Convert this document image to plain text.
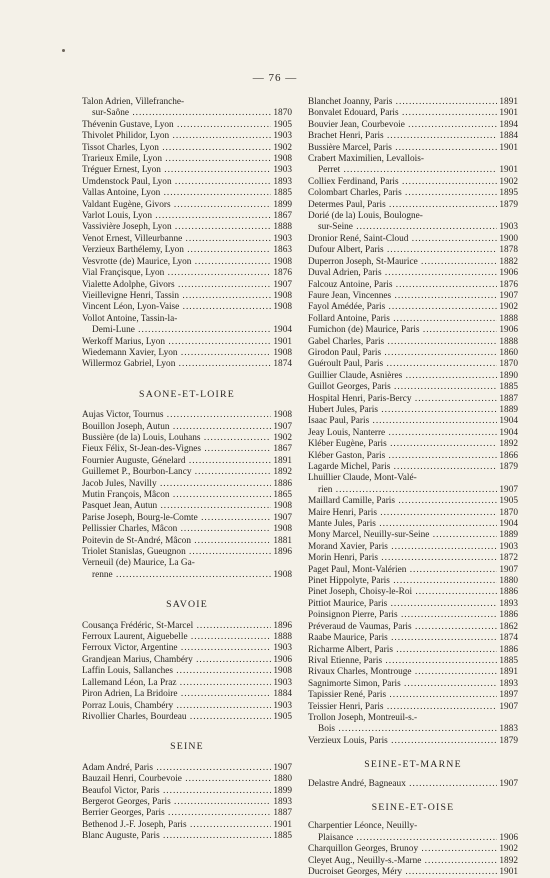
— 76 —
Talon Adrien, Villefranche-
sur-Saône .....	1870
Thévenin Gustave, Lyon .....	1905
Thivolet Philidor, Lyon .....	1903
Tissot Charles, Lyon .....	1902
Trarieux Emile, Lyon .....	1908
Tréguer Ernest, Lyon .....	1903
Umdenstock Paul, Lyon .....	1893
Vallas Antoine, Lyon .....	1885
Valdant Eugène, Givors .....	1899
Varlot Louis, Lyon .....	1867
Vassivière Joseph, Lyon .....	1888
Venot Ernest, Villeurbanne .....	1903
Verzieux Barthélemy, Lyon .....	1863
Vesvrotte (de) Maurice, Lyon .....	1908
Vial Françisque, Lyon .....	1876
Vialette Adolphe, Givors .....	1907
Vieillevigne Henri, Tassin .....	1908
Vincent Léon, Lyon-Vaise .....	1908
Vollot Antoine, Tassin-la-
Demi-Lune .....	1904
Werkoff Marius, Lyon .....	1901
Wiedemann Xavier, Lyon .....	1908
Willermoz Gabriel, Lyon .....	1874
SAONE-ET-LOIRE
Aujas Victor, Tournus .....	1908
Bouillon Joseph, Autun .....	1907
Bussière (de la) Louis, Louhans .....	1902
Fieux Félix, St-Jean-des-Vignes .....	1867
Fournier Auguste, Génelard .....	1891
Guillemet P., Bourbon-Lancy .....	1892
Jacob Jules, Navilly .....	1886
Mutin François, Mâcon .....	1865
Pasquet Jean, Autun .....	1908
Parise Joseph, Bourg-le-Comte .....	1907
Pellissier Charles, Mâcon .....	1908
Poitevin de St-André, Mâcon .....	1881
Triolet Stanislas, Gueugnon .....	1896
Verneuil (de) Maurice, La Ga-
renne .....	1908
SAVOIE
Cousança Frédéric, St-Marcel .....	1896
Ferroux Laurent, Aiguebelle .....	1888
Ferroux Victor, Argentine .....	1903
Grandjean Marius, Chambéry .....	1906
Laffin Louis, Sallanches .....	1908
Lallemand Léon, La Praz .....	1903
Piron Adrien, La Bridoire .....	1884
Porraz Louis, Chambéry .....	1903
Rivollier Charles, Bourdeau .....	1905
SEINE
Adam André, Paris .....	1907
Bauzail Henri, Courbevoie .....	1880
Beaufol Victor, Paris .....	1899
Bergerot Georges, Paris .....	1893
Berrier Georges, Paris .....	1887
Bethenod J.-F. Joseph, Paris .....	1901
Blanc Auguste, Paris .....	1885
Blanchet Joanny, Paris .....	1891
Bonvalet Edouard, Paris .....	1901
Bouvier Jean, Courbevoie .....	1894
Brachet Henri, Paris .....	1884
Bussière Marcel, Paris .....	1901
Crabert Maximilien, Levallois-
Perret .....	1901
Colliex Ferdinand, Paris .....	1902
Colombart Charles, Paris .....	1895
Determes Paul, Paris .....	1879
Dorié (de la) Louis, Boulogne-
sur-Seine .....	1903
Dronior René, Saint-Cloud .....	1900
Dufour Albert, Paris .....	1878
Duperron Joseph, St-Maurice .....	1882
Duval Adrien, Paris .....	1906
Falcouz Antoine, Paris .....	1876
Faure Jean, Vincennes .....	1907
Fayol Amédée, Paris .....	1902
Follard Antoine, Paris .....	1888
Fumichon (de) Maurice, Paris .....	1906
Gabel Charles, Paris .....	1888
Girodon Paul, Paris .....	1860
Guéroult Paul, Paris .....	1870
Guillier Claude, Asnières .....	1890
Guillot Georges, Paris .....	1885
Hospital Henri, Paris-Bercy .....	1887
Hubert Jules, Paris .....	1889
Isaac Paul, Paris .....	1904
Jeay Louis, Nanterre .....	1904
Kléber Eugène, Paris .....	1892
Kléber Gaston, Paris .....	1866
Lagarde Michel, Paris .....	1879
Lhuillier Claude, Mont-Valé-
rien .....	1907
Maillard Camille, Paris .....	1905
Maire Henri, Paris .....	1870
Mante Jules, Paris .....	1904
Mony Marcel, Neuilly-sur-Seine .....	1889
Morand Xavier, Paris .....	1903
Morin Henri, Paris .....	1872
Paget Paul, Mont-Valérien .....	1907
Pinet Hippolyte, Paris .....	1880
Pinet Joseph, Choisy-le-Roi .....	1886
Pittiot Maurice, Paris .....	1893
Poinsignon Pierre, Paris .....	1886
Préveraud de Vaumas, Paris .....	1862
Raabe Maurice, Paris .....	1874
Richarme Albert, Paris .....	1886
Rival Etienne, Paris .....	1885
Rivaux Charles, Montrouge .....	1891
Sagnimorte Simon, Paris .....	1893
Tapissier René, Paris .....	1897
Teissier Henri, Paris .....	1907
Trollon Joseph, Montreuil-s.-
Bois .....	1883
Verzieux Louis, Paris .....	1879
SEINE-ET-MARNE
Delastre André, Bagneaux .....	1907
SEINE-ET-OISE
Charpentier Léonce, Neuilly-
Plaisance .....	1906
Charquillon Georges, Brunoy .....	1902
Cleyet Aug., Neuilly-s.-Marne .....	1892
Ducroiset Georges, Méry .....	1901
